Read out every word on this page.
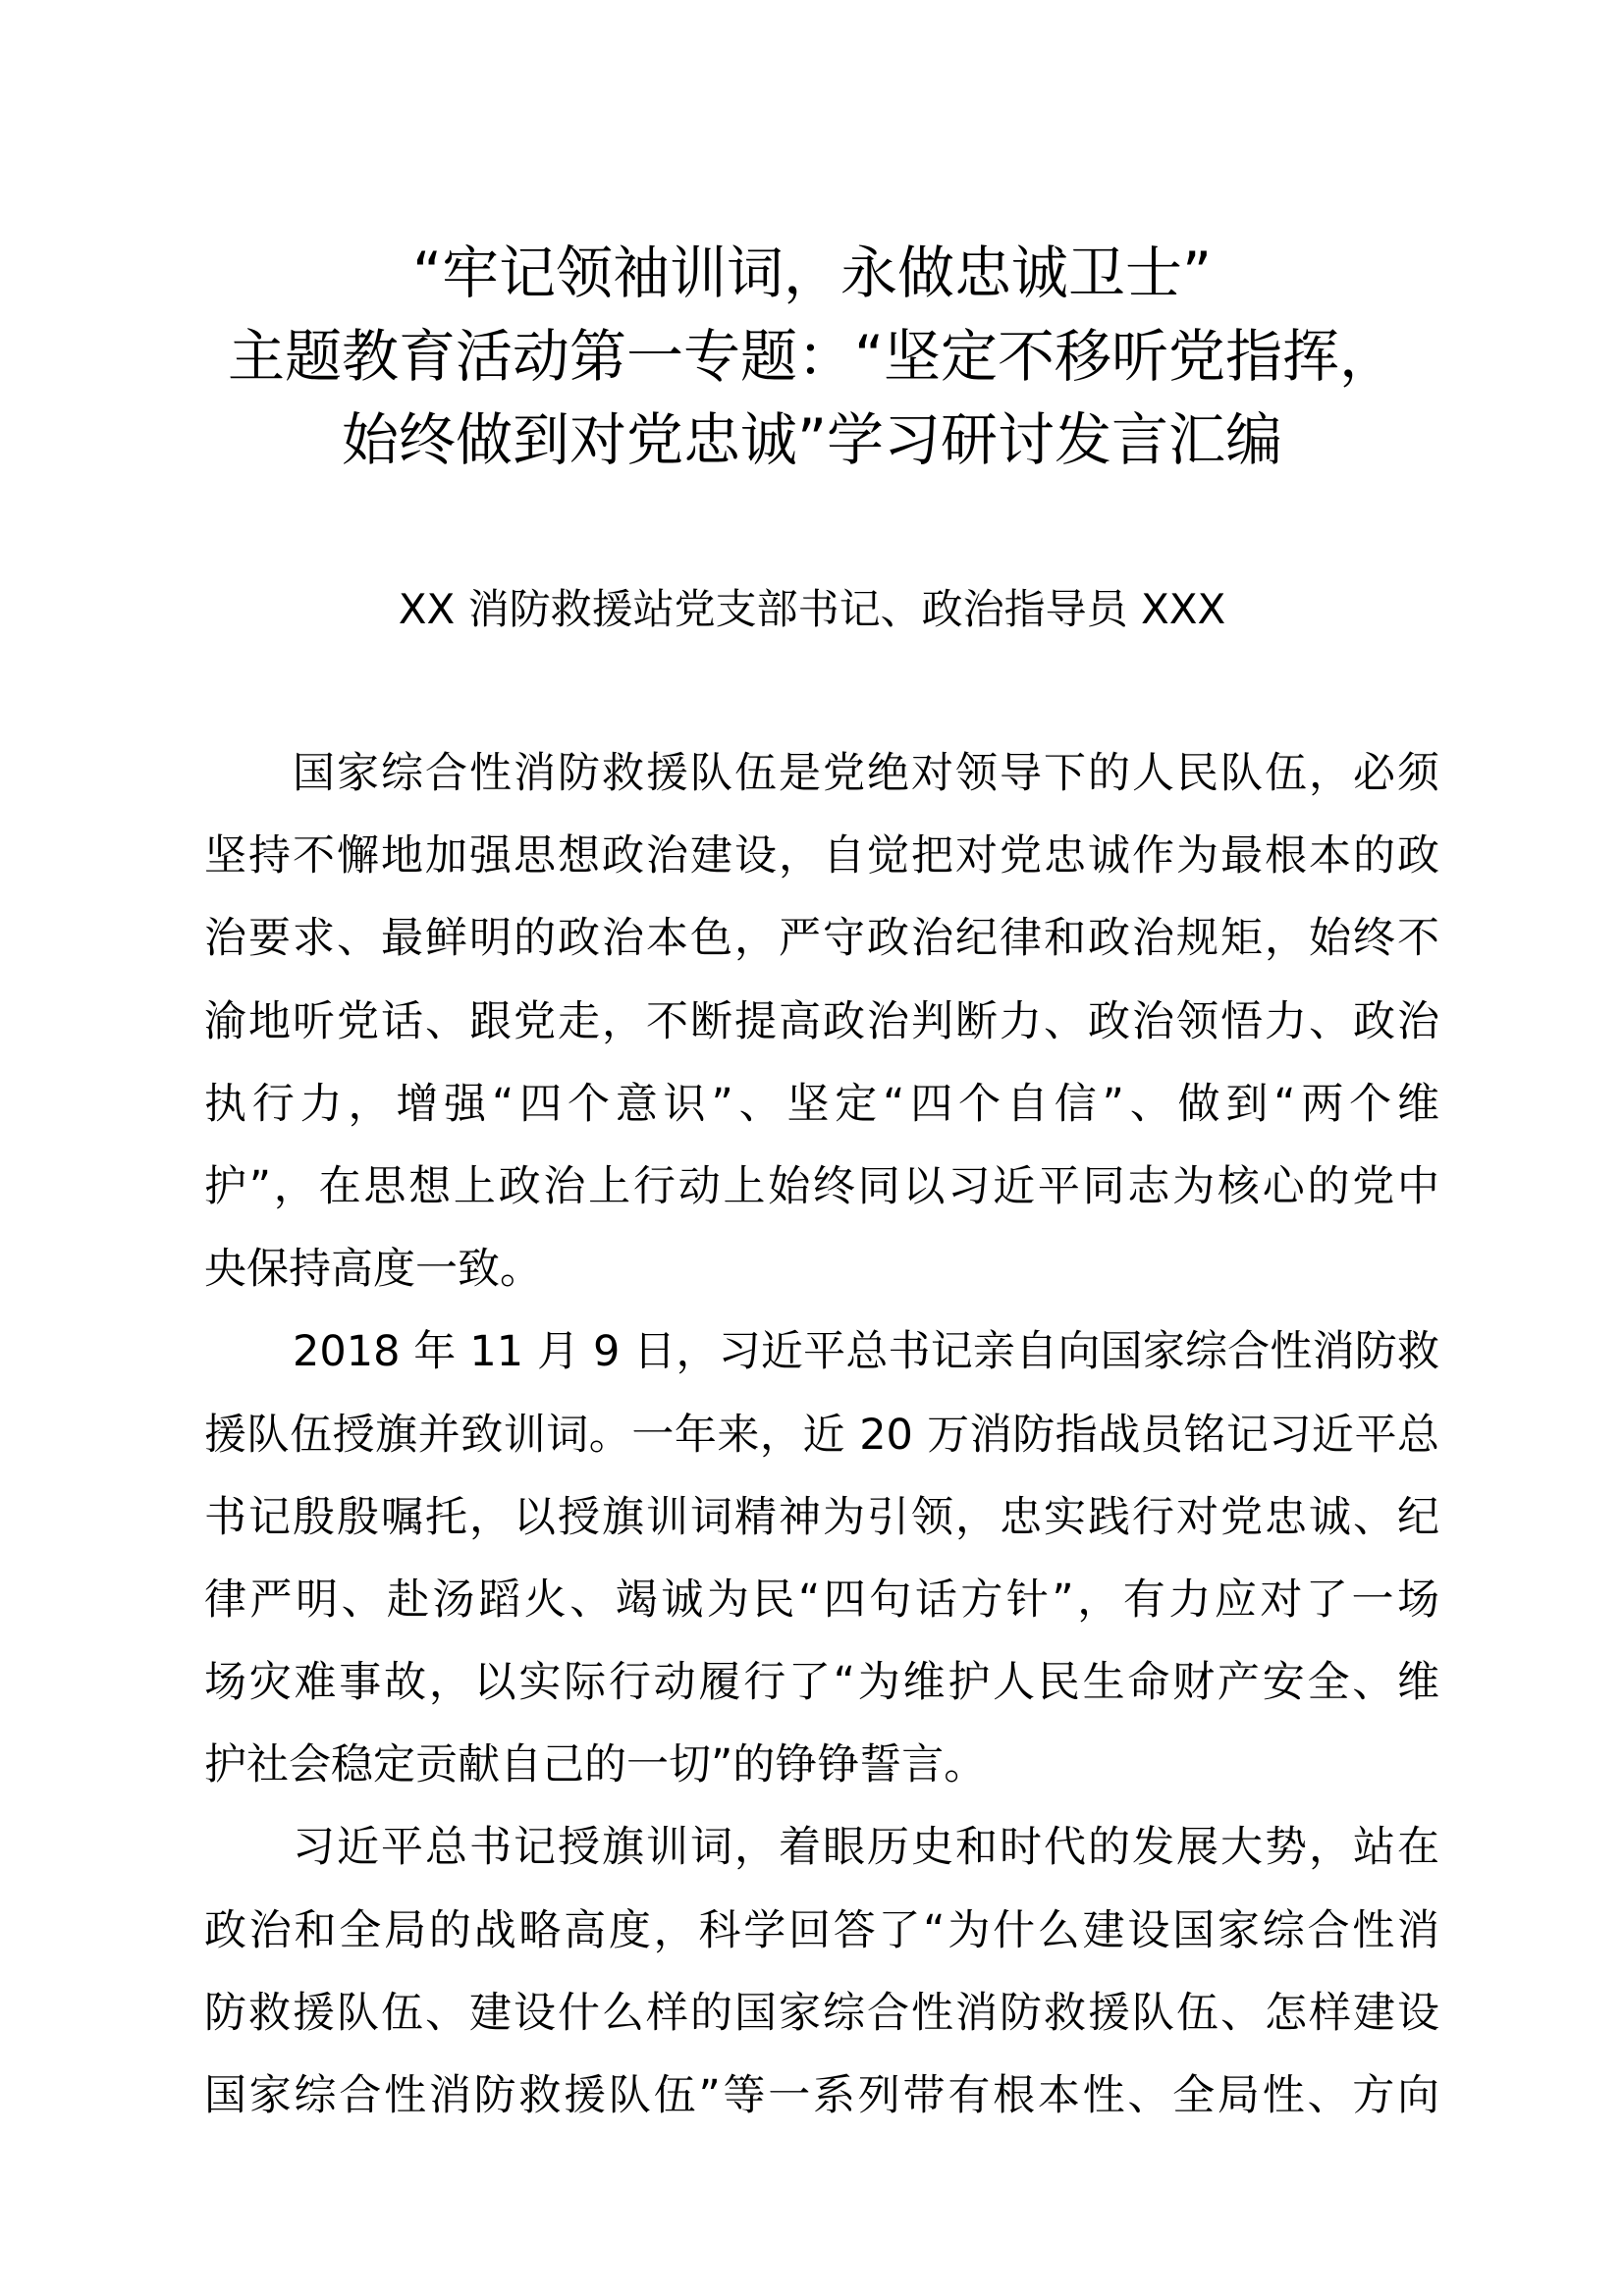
“牢记领袖训词，永做忠诚卫士”
主题教育活动第一专题：“坚定不移听党指挥，
始终做到对党忠诚”学习研讨发言汇编
XX 消防救援站党支部书记、政治指导员 XXX
国家综合性消防救援队伍是党绝对领导下的人民队伍，必须
坚持不懈地加强思想政治建设，自觉把对党忠诚作为最根本的政
治要求、最鲜明的政治本色，严守政治纪律和政治规矩，始终不
渝地听党话、跟党走，不断提高政治判断力、政治领悟力、政治
执行力，增强“四个意识”、坚定“四个自信”、做到“两个维
护”，在思想上政治上行动上始终同以习近平同志为核心的党中
央保持高度一致。
2018 年 11 月 9 日，习近平总书记亲自向国家综合性消防救
援队伍授旗并致训词。一年来，近 20 万消防指战员铭记习近平总
书记殷殷嘱托，以授旗训词精神为引领，忠实践行对党忠诚、纪
律严明、赴汤蹈火、竭诚为民“四句话方针”，有力应对了一场
场灾难事故，以实际行动履行了“为维护人民生命财产安全、维
护社会稳定贡献自己的一切”的铮铮誓言。
习近平总书记授旗训词，着眼历史和时代的发展大势，站在
政治和全局的战略高度，科学回答了“为什么建设国家综合性消
防救援队伍、建设什么样的国家综合性消防救援队伍、怎样建设
国家综合性消防救援队伍”等一系列带有根本性、全局性、方向
